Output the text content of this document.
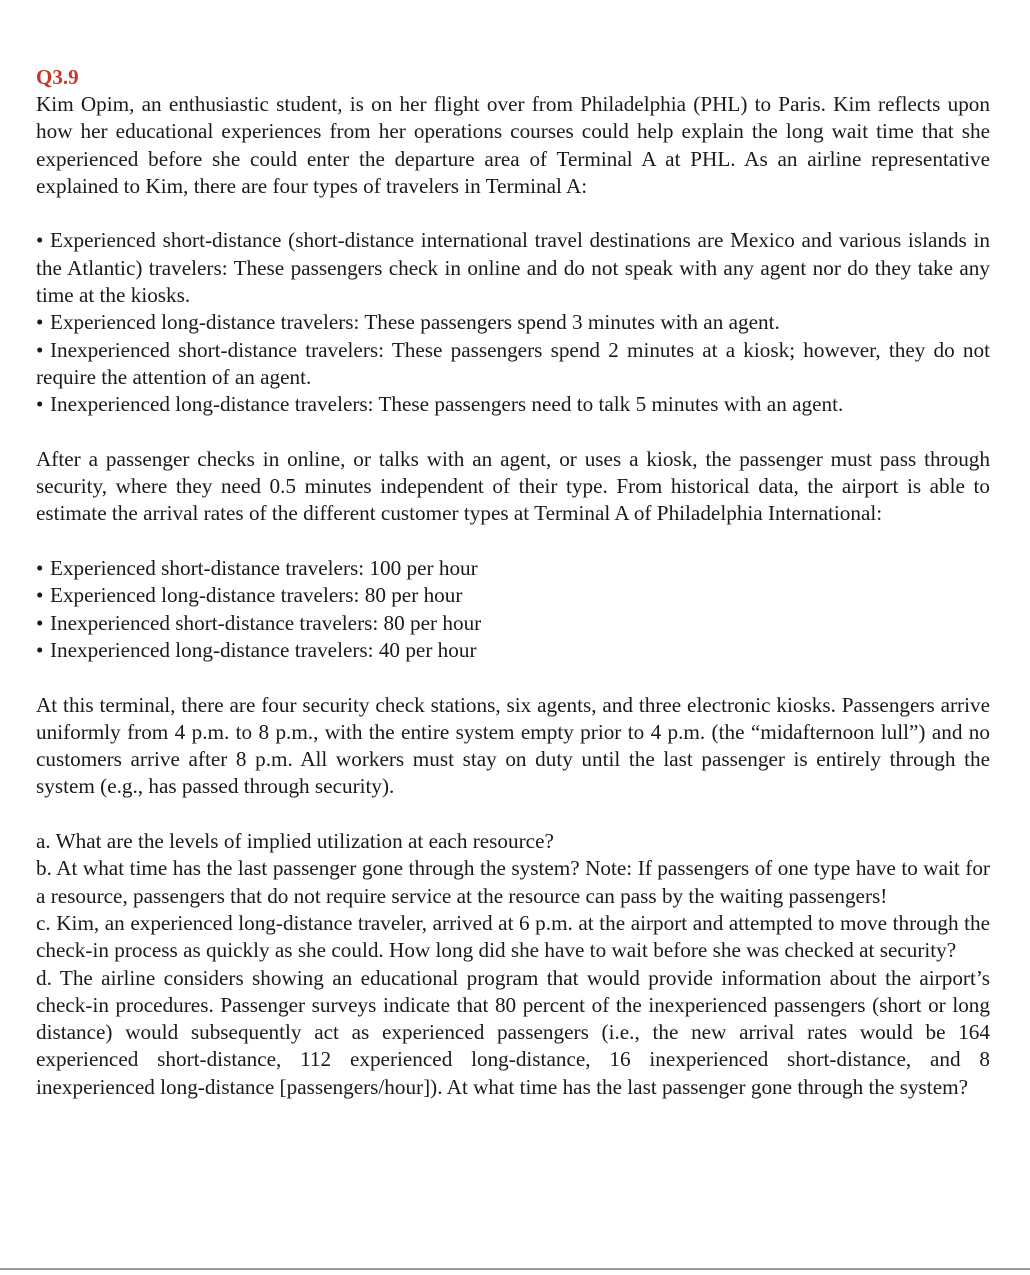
Q3.9

Kim Opim, an enthusiastic student, is on her flight over from Philadelphia (PHL) to Paris. Kim reflects upon how her educational experiences from her operations courses could help explain the long wait time that she experienced before she could enter the departure area of Terminal A at PHL. As an airline representative explained to Kim, there are four types of travelers in Terminal A:

• Experienced short-distance (short-distance international travel destinations are Mexico and various islands in the Atlantic) travelers: These passengers check in online and do not speak with any agent nor do they take any time at the kiosks.
• Experienced long-distance travelers: These passengers spend 3 minutes with an agent.
• Inexperienced short-distance travelers: These passengers spend 2 minutes at a kiosk; however, they do not require the attention of an agent.
• Inexperienced long-distance travelers: These passengers need to talk 5 minutes with an agent.

After a passenger checks in online, or talks with an agent, or uses a kiosk, the passenger must pass through security, where they need 0.5 minutes independent of their type. From historical data, the airport is able to estimate the arrival rates of the different customer types at Terminal A of Philadelphia International:

• Experienced short-distance travelers: 100 per hour
• Experienced long-distance travelers: 80 per hour
• Inexperienced short-distance travelers: 80 per hour
• Inexperienced long-distance travelers: 40 per hour

At this terminal, there are four security check stations, six agents, and three electronic kiosks. Passengers arrive uniformly from 4 p.m. to 8 p.m., with the entire system empty prior to 4 p.m. (the “midafternoon lull”) and no customers arrive after 8 p.m. All workers must stay on duty until the last passenger is entirely through the system (e.g., has passed through security).

a. What are the levels of implied utilization at each resource?

b. At what time has the last passenger gone through the system? Note: If passengers of one type have to wait for a resource, passengers that do not require service at the resource can pass by the waiting passengers!

c. Kim, an experienced long-distance traveler, arrived at 6 p.m. at the airport and attempted to move through the check-in process as quickly as she could. How long did she have to wait before she was checked at security?

d. The airline considers showing an educational program that would provide information about the airport’s check-in procedures. Passenger surveys indicate that 80 percent of the inexperienced passengers (short or long distance) would subsequently act as experienced passengers (i.e., the new arrival rates would be 164 experienced short-distance, 112 experienced long-distance, 16 inexperienced short-distance, and 8 inexperienced long-distance [passengers/hour]). At what time has the last passenger gone through the system?
